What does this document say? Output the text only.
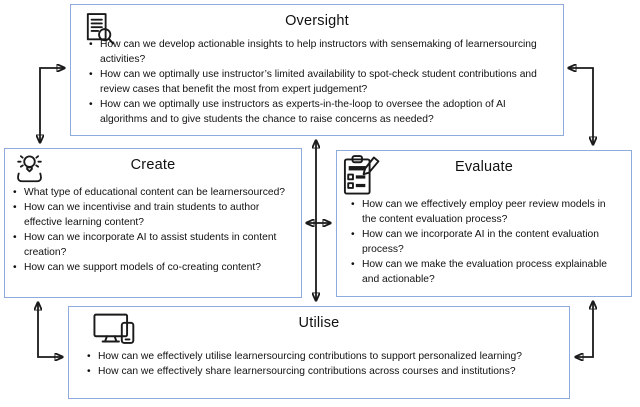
Oversight
• How can we develop actionable insights to help instructors with sensemaking of learnersourcing activities?
• How can we optimally use instructor’s limited availability to spot-check student contributions and review cases that benefit the most from expert judgement?
• How can we optimally use instructors as experts-in-the-loop to oversee the adoption of AI algorithms and to give students the chance to raise concerns as needed?
Create
• What type of educational content can be learnersourced?
• How can we incentivise and train students to author effective learning content?
• How can we incorporate AI to assist students in content creation?
• How can we support models of co-creating content?
Evaluate
• How can we effectively employ peer review models in the content evaluation process?
• How can we incorporate AI in the content evaluation process?
• How can we make the evaluation process explainable and actionable?
Utilise
• How can we effectively utilise learnersourcing contributions to support personalized learning?
• How can we effectively share learnersourcing contributions across courses and institutions?
